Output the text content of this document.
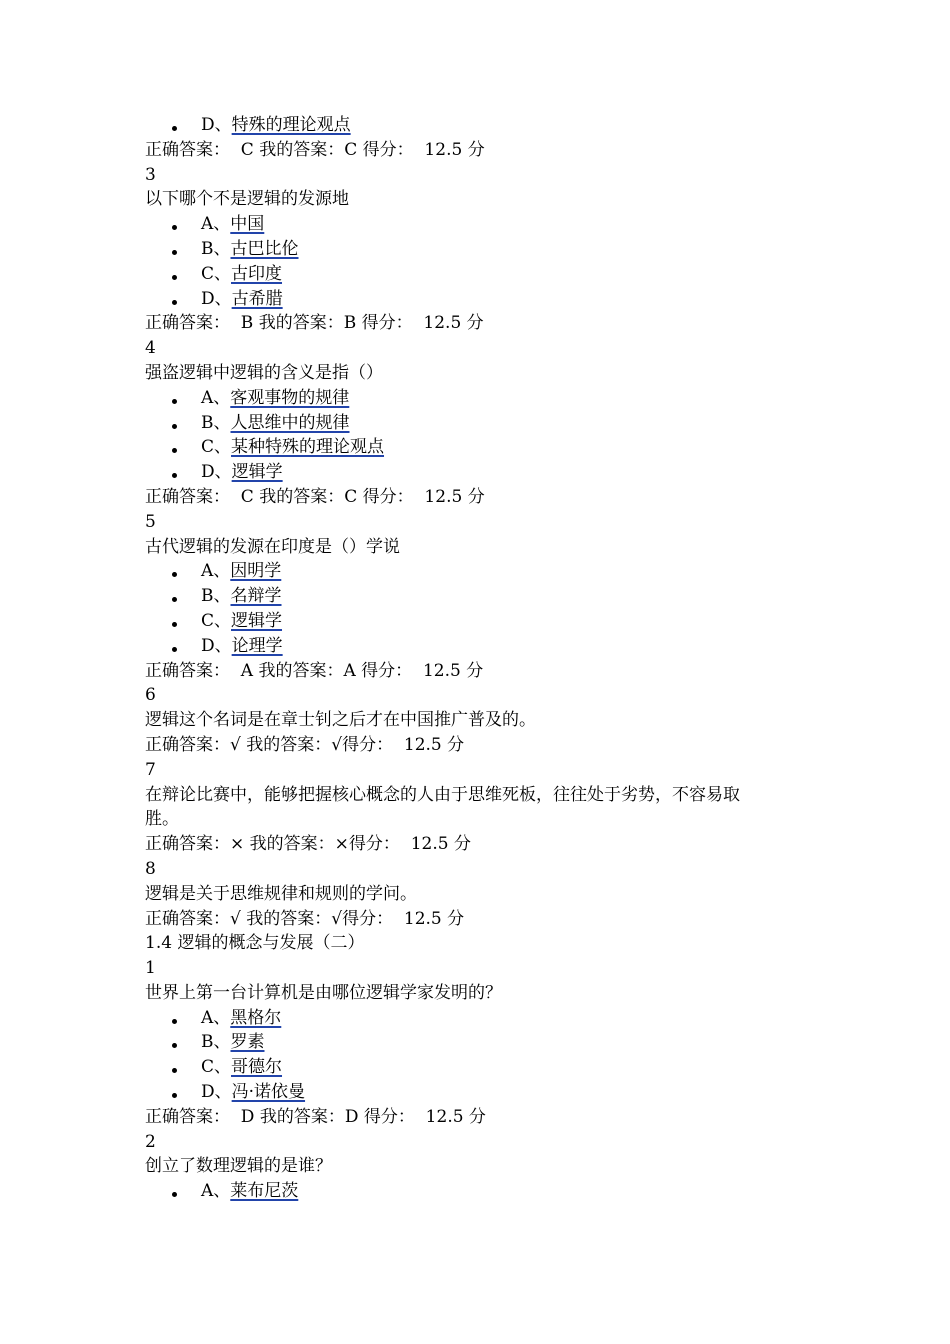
D、特殊的理论观点
正确答案：  C 我的答案：C 得分：  12.5 分
3
以下哪个不是逻辑的发源地
A、中国
B、古巴比伦
C、古印度
D、古希腊
正确答案：  B 我的答案：B 得分：  12.5 分
4
强盗逻辑中逻辑的含义是指（）
A、客观事物的规律
B、人思维中的规律
C、某种特殊的理论观点
D、逻辑学
正确答案：  C 我的答案：C 得分：  12.5 分
5
古代逻辑的发源在印度是（）学说
A、因明学
B、名辩学
C、逻辑学
D、论理学
正确答案：  A 我的答案：A 得分：  12.5 分
6
逻辑这个名词是在章士钊之后才在中国推广普及的。
正确答案：√ 我的答案：√得分：  12.5 分
7
在辩论比赛中，能够把握核心概念的人由于思维死板，往往处于劣势，不容易取
胜。
正确答案：× 我的答案：×得分：  12.5 分
8
逻辑是关于思维规律和规则的学问。
正确答案：√ 我的答案：√得分：  12.5 分
1.4 逻辑的概念与发展（二）
1
世界上第一台计算机是由哪位逻辑学家发明的？
A、黑格尔
B、罗素
C、哥德尔
D、冯·诺依曼
正确答案：  D 我的答案：D 得分：  12.5 分
2
创立了数理逻辑的是谁？
A、莱布尼茨
